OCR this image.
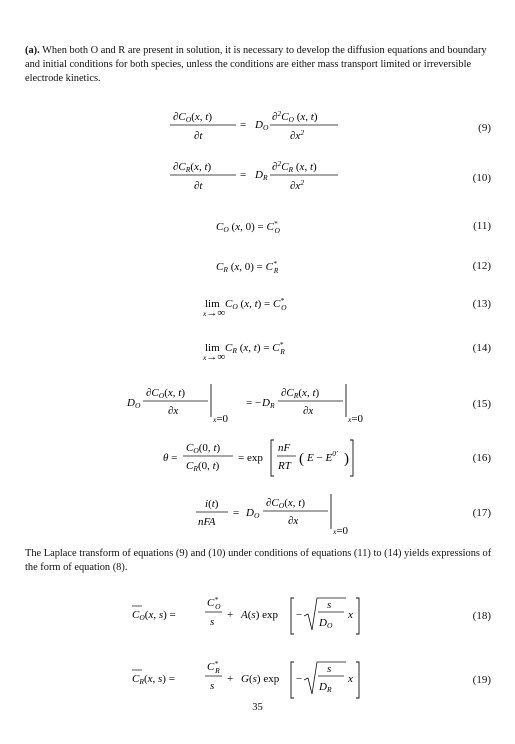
(a). When both O and R are present in solution, it is necessary to develop the diffusion equations and boundary and initial conditions for both species, unless the conditions are either mass transport limited or irreversible electrode kinetics.
∂CO(x, t)
∂t
= DO
∂$^2$CO (x, t)
$\partial x^2$	(9)
∂CR(x, t)
∂t
= DR
∂$^2$CR (x, t)
$\partial x^2$	(10)
CO (x, 0) = C* O	(11)
CR (x, 0) = C* R	(12)
lim
x→∞
CO (x, t) = C* O	(13)
lim
x→∞
CR (x, t) = C* R	(14)
DO
∂CO(x, t)
∂x
x=0
= − DR
∂CR(x, t)
∂x
x=0
(15)
θ =
CO(0, t)
CR(0, t)
= exp
nF
RT ( $E - E^{0'}$ )	(16)
i(t)
nFA
= DO
∂CO(x, t)
∂x
x=0
(17)
The Laplace transform of equations (9) and (10) under conditions of equations (11) to (14) yields expressions of the form of equation (8).
CO(x, s) =
C* O
s
+ A(s) exp −
s
DO
x	(18)
CR(x, s) =
C* R
s
+ G(s) exp −
s
DR
x	(19)
35
